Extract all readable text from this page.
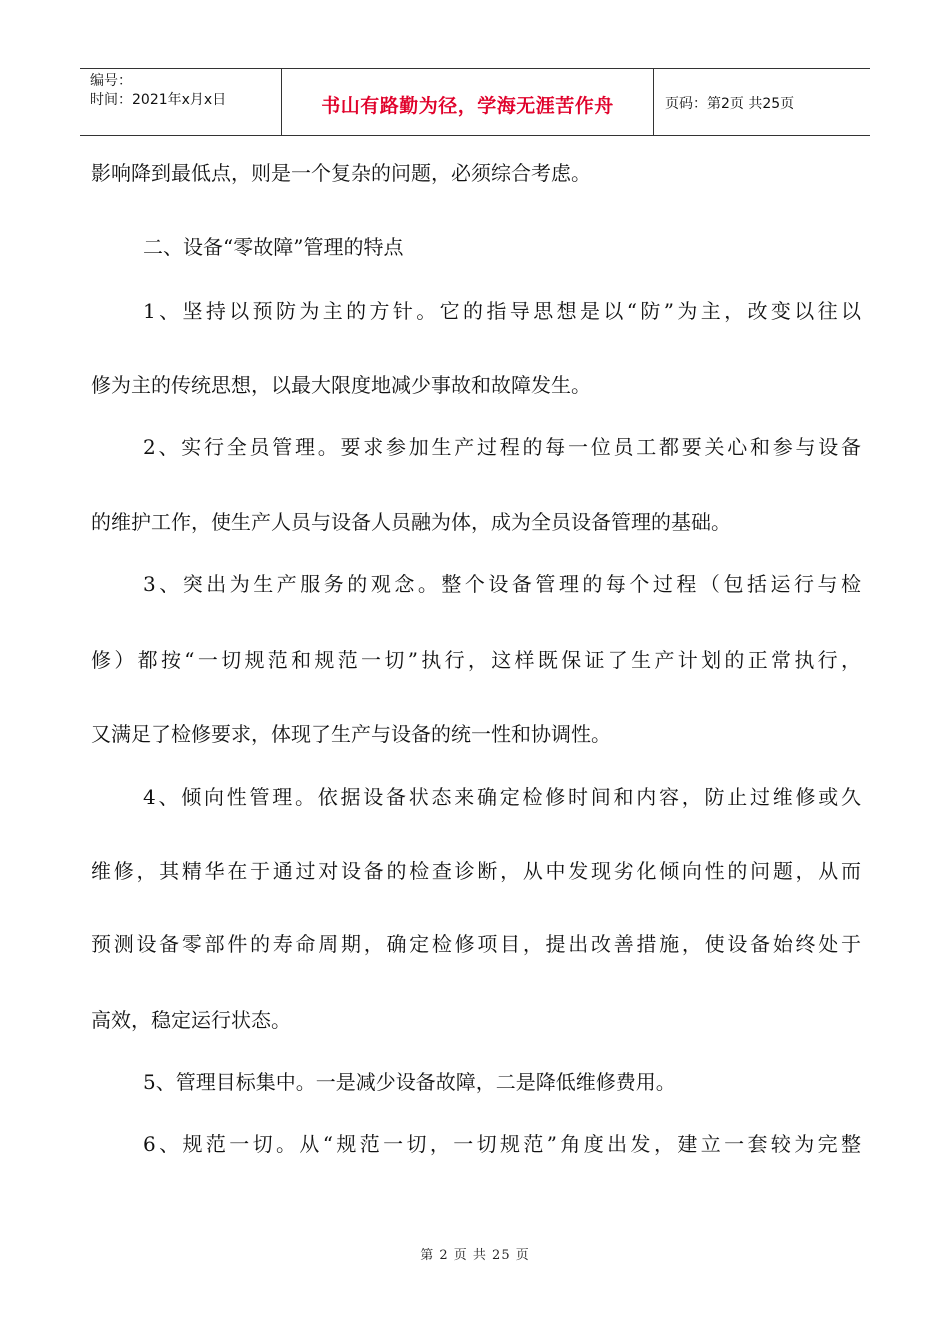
编号：
时间：2021年x月x日	书山有路勤为径，学海无涯苦作舟	页码：第2页 共25页
影响降到最低点，则是一个复杂的问题，必须综合考虑。
二、设备“零故障”管理的特点
1、坚持以预防为主的方针。它的指导思想是以“防”为主，改变以往以
修为主的传统思想，以最大限度地减少事故和故障发生。
2、实行全员管理。要求参加生产过程的每一位员工都要关心和参与设备
的维护工作，使生产人员与设备人员融为体，成为全员设备管理的基础。
3、突出为生产服务的观念。整个设备管理的每个过程（包括运行与检
修）都按“一切规范和规范一切”执行，这样既保证了生产计划的正常执行，
又满足了检修要求，体现了生产与设备的统一性和协调性。
4、倾向性管理。依据设备状态来确定检修时间和内容，防止过维修或久
维修，其精华在于通过对设备的检查诊断，从中发现劣化倾向性的问题，从而
预测设备零部件的寿命周期，确定检修项目，提出改善措施，使设备始终处于
高效，稳定运行状态。
5、管理目标集中。一是减少设备故障，二是降低维修费用。
6、规范一切。从“规范一切，一切规范”角度出发，建立一套较为完整
第 2 页 共 25 页
